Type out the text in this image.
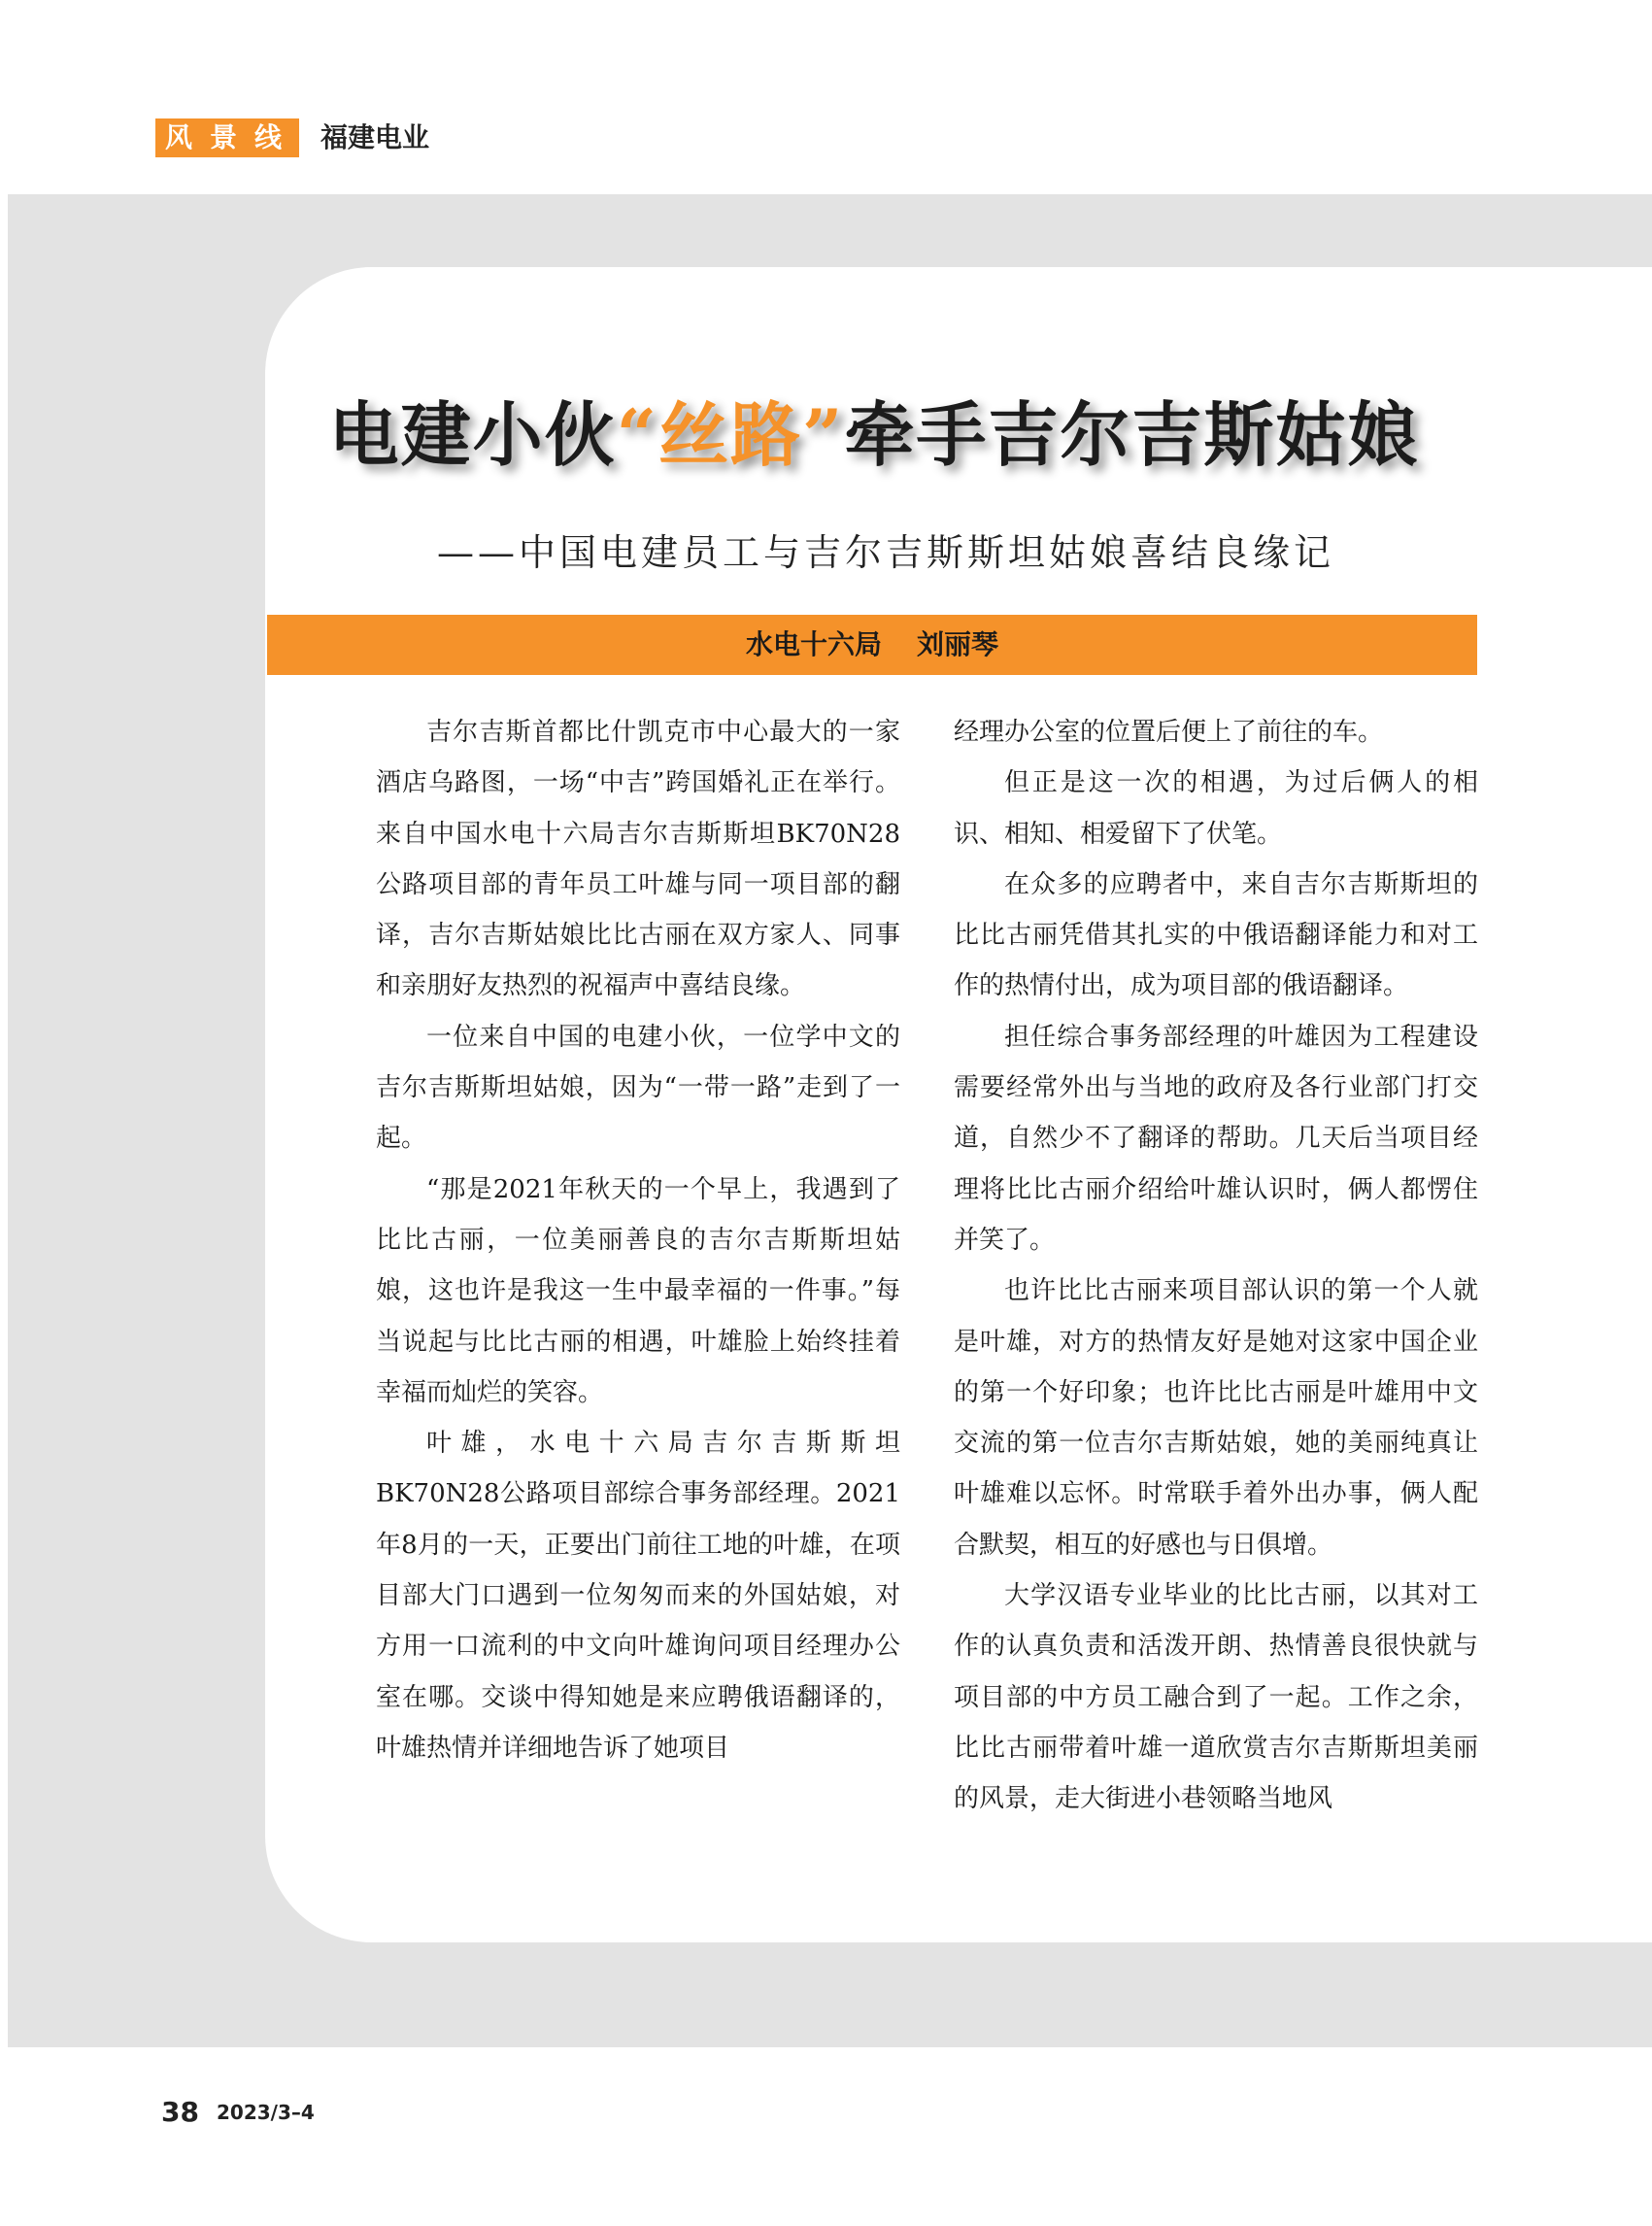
风景线 福建电业
电建小伙“丝路”牵手吉尔吉斯姑娘
——中国电建员工与吉尔吉斯斯坦姑娘喜结良缘记
水电十六局 刘丽琴

吉尔吉斯首都比什凯克市中心最大的一家酒店乌路图，一场“中吉”跨国婚礼正在举行。来自中国水电十六局吉尔吉斯斯坦BK70N28公路项目部的青年员工叶雄与同一项目部的翻译，吉尔吉斯姑娘比比古丽在双方家人、同事和亲朋好友热烈的祝福声中喜结良缘。

一位来自中国的电建小伙，一位学中文的吉尔吉斯斯坦姑娘，因为“一带一路”走到了一起。

“那是2021年秋天的一个早上，我遇到了比比古丽，一位美丽善良的吉尔吉斯斯坦姑娘，这也许是我这一生中最幸福的一件事。”每当说起与比比古丽的相遇，叶雄脸上始终挂着幸福而灿烂的笑容。

叶雄，水电十六局吉尔吉斯斯坦BK70N28公路项目部综合事务部经理。2021年8月的一天，正要出门前往工地的叶雄，在项目部大门口遇到一位匆匆而来的外国姑娘，对方用一口流利的中文向叶雄询问项目经理办公室在哪。交谈中得知她是来应聘俄语翻译的，叶雄热情并详细地告诉了她项目

经理办公室的位置后便上了前往的车。

但正是这一次的相遇，为过后俩人的相识、相知、相爱留下了伏笔。

在众多的应聘者中，来自吉尔吉斯斯坦的比比古丽凭借其扎实的中俄语翻译能力和对工作的热情付出，成为项目部的俄语翻译。

担任综合事务部经理的叶雄因为工程建设需要经常外出与当地的政府及各行业部门打交道，自然少不了翻译的帮助。几天后当项目经理将比比古丽介绍给叶雄认识时，俩人都愣住并笑了。

也许比比古丽来项目部认识的第一个人就是叶雄，对方的热情友好是她对这家中国企业的第一个好印象；也许比比古丽是叶雄用中文交流的第一位吉尔吉斯姑娘，她的美丽纯真让叶雄难以忘怀。时常联手着外出办事，俩人配合默契，相互的好感也与日俱增。

大学汉语专业毕业的比比古丽，以其对工作的认真负责和活泼开朗、热情善良很快就与项目部的中方员工融合到了一起。工作之余，比比古丽带着叶雄一道欣赏吉尔吉斯斯坦美丽的风景，走大街进小巷领略当地风

38 2023/3–4
